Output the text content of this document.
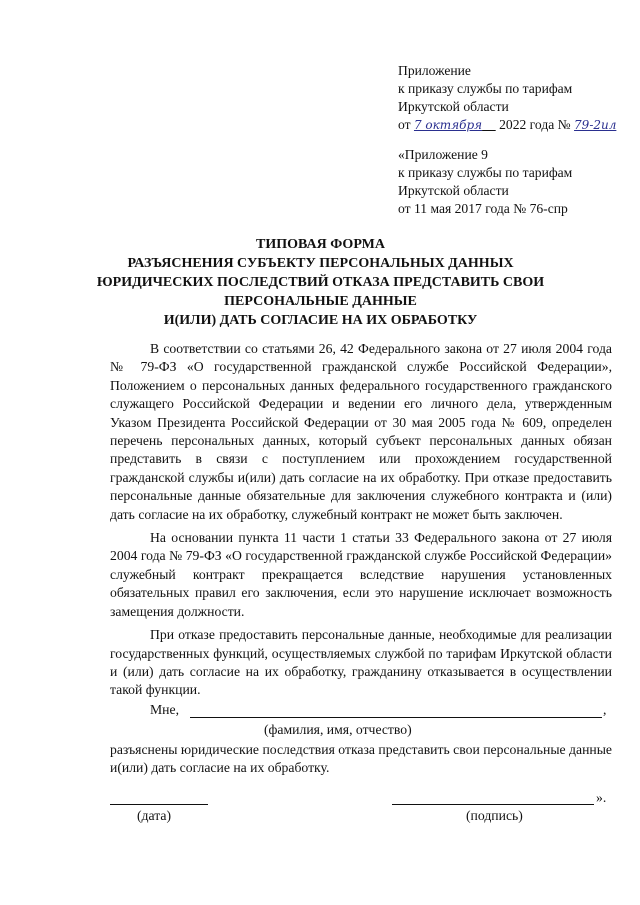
Приложение
к приказу службы по тарифам
Иркутской области
от 7 октября 2022 года № 79-2ил
«Приложение 9
к приказу службы по тарифам
Иркутской области
от 11 мая 2017 года № 76-спр
ТИПОВАЯ ФОРМА
РАЗЪЯСНЕНИЯ СУБЪЕКТУ ПЕРСОНАЛЬНЫХ ДАННЫХ
ЮРИДИЧЕСКИХ ПОСЛЕДСТВИЙ ОТКАЗА ПРЕДСТАВИТЬ СВОИ
ПЕРСОНАЛЬНЫЕ ДАННЫЕ
И(ИЛИ) ДАТЬ СОГЛАСИЕ НА ИХ ОБРАБОТКУ

В соответствии со статьями 26, 42 Федерального закона от 27 июля 2004 года № 79-ФЗ «О государственной гражданской службе Российской Федерации», Положением о персональных данных федерального государственного гражданского служащего Российской Федерации и ведении его личного дела, утвержденным Указом Президента Российской Федерации от 30 мая 2005 года № 609, определен перечень персональных данных, который субъект персональных данных обязан представить в связи с поступлением или прохождением государственной гражданской службы и(или) дать согласие на их обработку. При отказе предоставить персональные данные обязательные для заключения служебного контракта и (или) дать согласие на их обработку, служебный контракт не может быть заключен.

На основании пункта 11 части 1 статьи 33 Федерального закона от 27 июля 2004 года № 79-ФЗ «О государственной гражданской службе Российской Федерации» служебный контракт прекращается вследствие нарушения установленных обязательных правил его заключения, если это нарушение исключает возможность замещения должности.

При отказе предоставить персональные данные, необходимые для реализации государственных функций, осуществляемых службой по тарифам Иркутской области и (или) дать согласие на их обработку, гражданину отказывается в осуществлении такой функции.

Мне,	,
(фамилия, имя, отчество)
разъяснены юридические последствия отказа представить свои персональные данные и(или) дать согласие на их обработку.
».
(дата)	(подпись)
